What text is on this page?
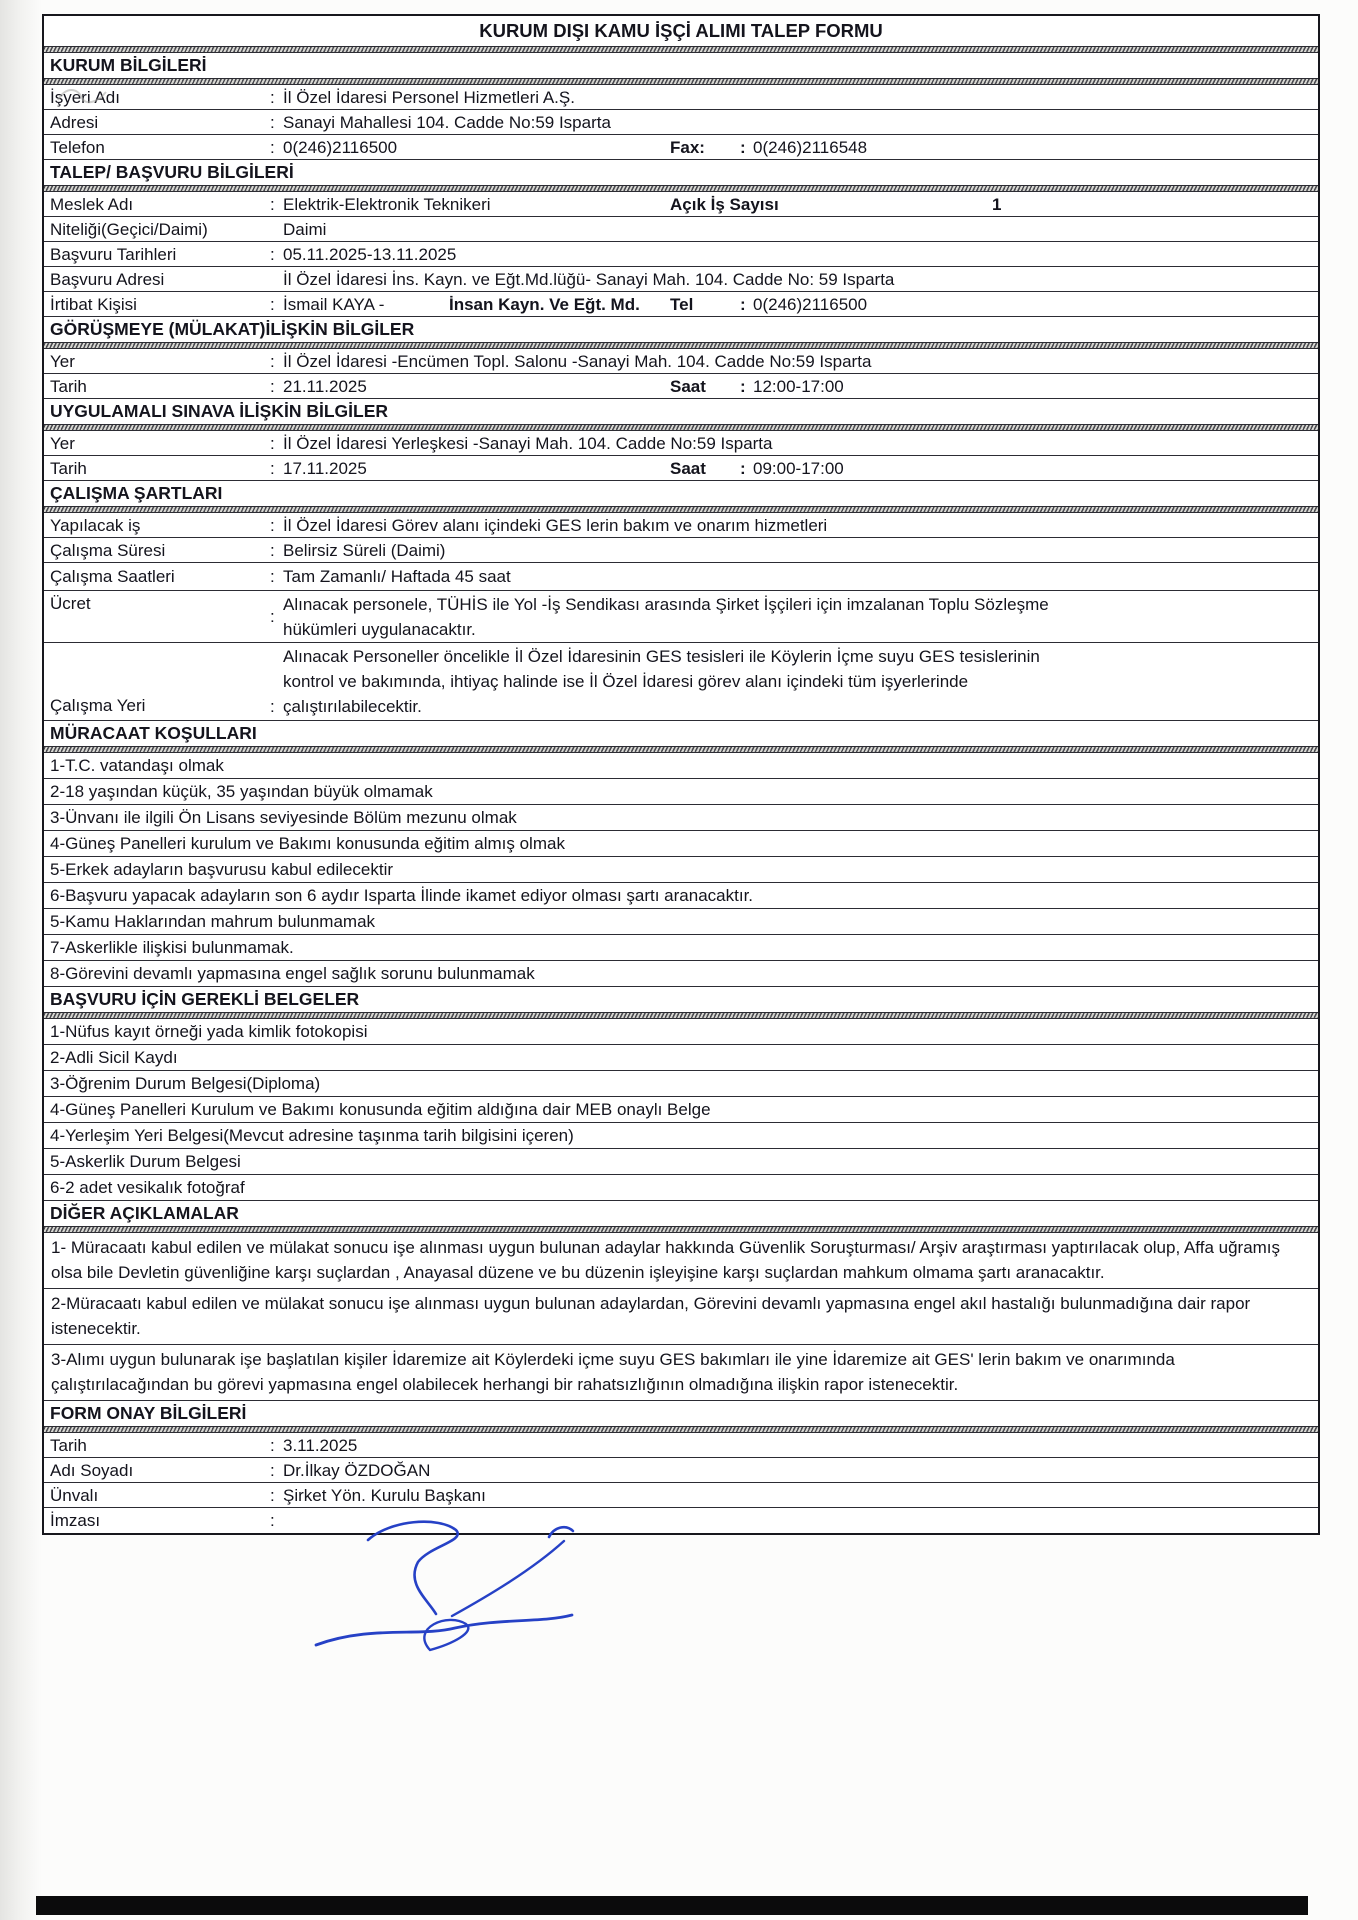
KURUM DIŞI KAMU İŞÇİ ALIMI TALEP FORMU
KURUM BİLGİLERİ
İşyeri Adı	: İl Özel İdaresi Personel Hizmetleri A.Ş.
Adresi	: Sanayi Mahallesi 104. Cadde No:59 Isparta
Telefon	: 0(246)2116500	Fax: : 0(246)2116548
TALEP/ BAŞVURU BİLGİLERİ
Meslek Adı	: Elektrik-Elektronik Teknikeri	Açık İş Sayısı	1
Niteliği(Geçici/Daimi)	Daimi
Başvuru Tarihleri	: 05.11.2025-13.11.2025
Başvuru Adresi	İl Özel İdaresi İns. Kayn. ve Eğt.Md.lüğü- Sanayi Mah. 104. Cadde No: 59 Isparta
İrtibat Kişisi	: İsmail KAYA -	İnsan Kayn. Ve Eğt. Md. Tel	: 0(246)2116500
GÖRÜŞMEYE (MÜLAKAT)İLİŞKİN BİLGİLER
Yer	: İl Özel İdaresi -Encümen Topl. Salonu -Sanayi Mah. 104. Cadde No:59 Isparta
Tarih	: 21.11.2025	Saat : 12:00-17:00
UYGULAMALI SINAVA İLİŞKİN BİLGİLER
Yer	: İl Özel İdaresi Yerleşkesi -Sanayi Mah. 104. Cadde No:59 Isparta
Tarih	: 17.11.2025	Saat : 09:00-17:00
ÇALIŞMA ŞARTLARI
Yapılacak iş	: İl Özel İdaresi Görev alanı içindeki GES lerin bakım ve onarım hizmetleri
Çalışma Süresi	: Belirsiz Süreli (Daimi)
Çalışma Saatleri	: Tam Zamanlı/ Haftada 45 saat
Ücret
:
Alınacak personele, TÜHİS ile Yol -İş Sendikası arasında Şirket İşçileri için imzalanan Toplu Sözleşme
hükümleri uygulanacaktır.
Çalışma Yeri	:
Alınacak Personeller öncelikle İl Özel İdaresinin GES tesisleri ile Köylerin İçme suyu GES tesislerinin
kontrol ve bakımında, ihtiyaç halinde ise İl Özel İdaresi görev alanı içindeki tüm işyerlerinde
çalıştırılabilecektir.
MÜRACAAT KOŞULLARI
1-T.C. vatandaşı olmak
2-18 yaşından küçük, 35 yaşından büyük olmamak
3-Ünvanı ile ilgili Ön Lisans seviyesinde Bölüm mezunu olmak
4-Güneş Panelleri kurulum ve Bakımı konusunda eğitim almış olmak
5-Erkek adayların başvurusu kabul edilecektir
6-Başvuru yapacak adayların son 6 aydır Isparta İlinde ikamet ediyor olması şartı aranacaktır.
5-Kamu Haklarından mahrum bulunmamak
7-Askerlikle ilişkisi bulunmamak.
8-Görevini devamlı yapmasına engel sağlık sorunu bulunmamak
BAŞVURU İÇİN GEREKLİ BELGELER
1-Nüfus kayıt örneği yada kimlik fotokopisi
2-Adli Sicil Kaydı
3-Öğrenim Durum Belgesi(Diploma)
4-Güneş Panelleri Kurulum ve Bakımı konusunda eğitim aldığına dair MEB onaylı Belge
4-Yerleşim Yeri Belgesi(Mevcut adresine taşınma tarih bilgisini içeren)
5-Askerlik Durum Belgesi
6-2 adet vesikalık fotoğraf
DİĞER AÇIKLAMALAR
1- Müracaatı kabul edilen ve mülakat sonucu işe alınması uygun bulunan adaylar hakkında Güvenlik Soruşturması/ Arşiv araştırması yaptırılacak olup, Affa uğramış olsa bile Devletin güvenliğine karşı suçlardan , Anayasal düzene ve bu düzenin işleyişine karşı suçlardan mahkum olmama şartı aranacaktır.
2-Müracaatı kabul edilen ve mülakat sonucu işe alınması uygun bulunan adaylardan, Görevini devamlı yapmasına engel akıl hastalığı bulunmadığına dair rapor istenecektir.
3-Alımı uygun bulunarak işe başlatılan kişiler İdaremize ait Köylerdeki içme suyu GES bakımları ile yine İdaremize ait GES' lerin bakım ve onarımında çalıştırılacağından bu görevi yapmasına engel olabilecek herhangi bir rahatsızlığının olmadığına ilişkin rapor istenecektir.
FORM ONAY BİLGİLERİ
Tarih	: 3.11.2025
Adı Soyadı	: Dr.İlkay ÖZDOĞAN
Ünvalı	: Şirket Yön. Kurulu Başkanı
İmzası	:
